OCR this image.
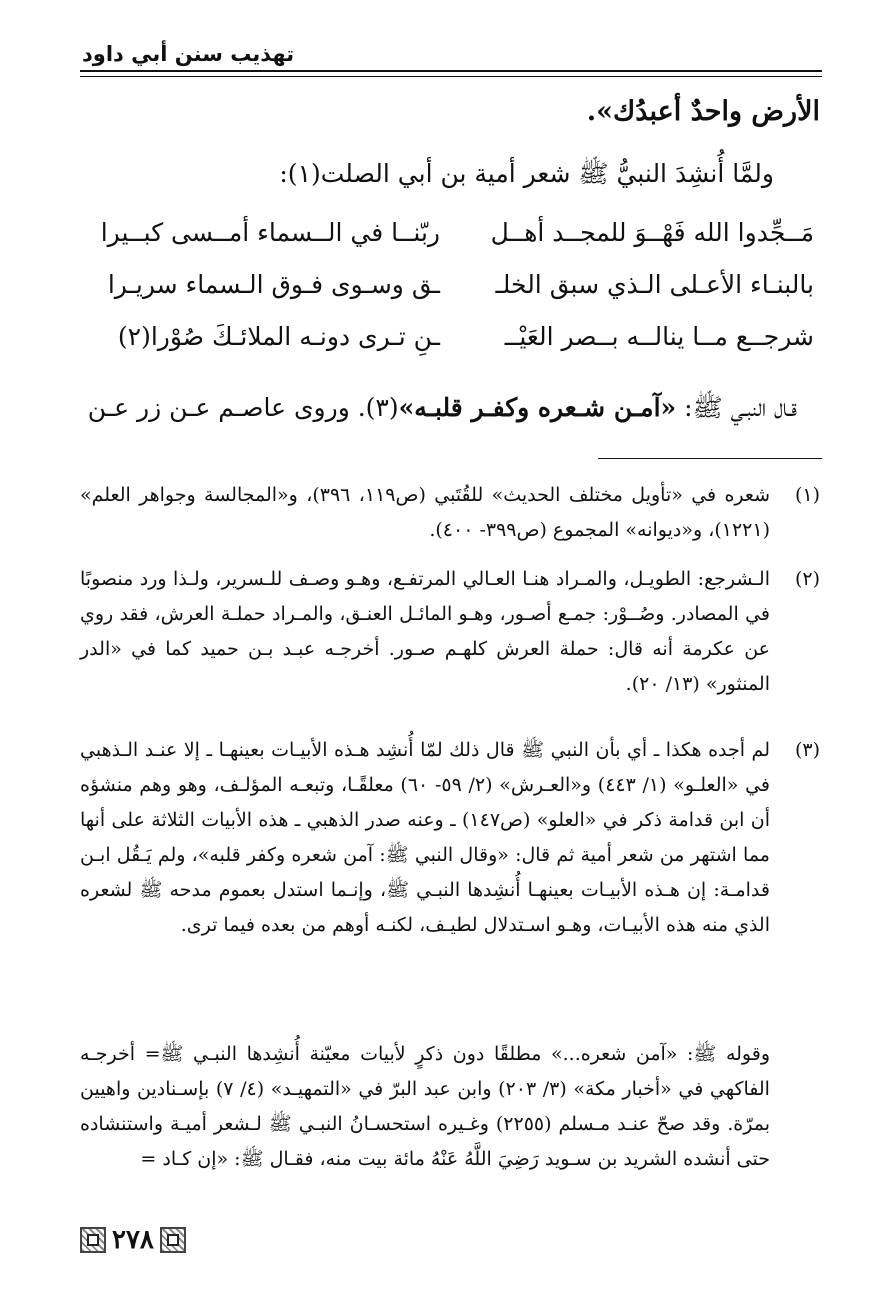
تهذيب سنن أبي داود
الأرض واحدٌ أعبدُك».
ولمَّا أُنشِدَ النبيُّ ﷺ شعر أمية بن أبي الصلت(١):
مَــجِّدوا الله فَهْــوَ للمجــد أهــل
ربّنــا في الــسماء أمــسى كبــيرا
بالبنـاء الأعـلى الـذي سبق الخلـ
ـق وسـوى فـوق الـسماء سريـرا
شرجــع مــا ينالــه بــصر العَيْــ
ـنِ تـرى دونـه الملائـكَ صُوْرا(٢)
قـال النبـي ﷺ: «آمـن شـعره وكفـر قلبـه»(٣). وروى عاصـم عـن زر عـن
(١)
شعره في «تأويل مختلف الحديث» للقُتَبي (ص١١٩، ٣٩٦)، و«المجالسة وجواهر العلم» (١٢٢١)، و«ديوانه» المجموع (ص٣٩٩- ٤٠٠).
(٢)
الـشرجع: الطويـل، والمـراد هنـا العـالي المرتفـع، وهـو وصـف للـسرير، ولـذا ورد منصوبًا في المصادر. وصُــوْر: جمـع أصـور، وهـو المائـل العنـق، والمـراد حملـة العرش، فقد روي عن عكرمة أنه قال: حملة العرش كلهـم صـور. أخرجـه عبـد بـن حميد كما في «الدر المنثور» (١٣/ ٢٠).
(٣)
لم أجده هكذا ـ أي بأن النبي ﷺ قال ذلك لمّا أُنشِد هـذه الأبيـات بعينهـا ـ إلا عنـد الـذهبي في «العلـو» (١/ ٤٤٣) و«العـرش» (٢/ ٥٩- ٦٠) معلقًـا، وتبعـه المؤلـف، وهو وهم منشؤه أن ابن قدامة ذكر في «العلو» (ص١٤٧) ـ وعنه صدر الذهبي ـ هذه الأبيات الثلاثة على أنها مما اشتهر من شعر أمية ثم قال: «وقال النبي ﷺ: آمن شعره وكفر قلبه»، ولم يَـقُل ابـن قدامـة: إن هـذه الأبيـات بعينهـا أُنشِدها النبـي ﷺ، وإنـما استدل بعموم مدحه ﷺ لشعره الذي منه هذه الأبيـات، وهـو اسـتدلال لطيـف، لكنـه أوهم من بعده فيما ترى.
وقوله ﷺ: «آمن شعره...» مطلقًا دون ذكرٍ لأبيات معيّنة أُنشِدها النبـي ﷺ= أخرجـه الفاكهي في «أخبار مكة» (٣/ ٢٠٣) وابن عبد البرّ في «التمهيـد» (٤/ ٧) بإسـنادين واهيين بمرّة. وقد صحّ عنـد مـسلم (٢٢٥٥) وغـيره استحسـانُ النبـي ﷺ لـشعر أميـة واستنشاده حتى أنشده الشريد بن سـويد رَضِيَ اللَّهُ عَنْهُ مائة بيت منه، فقـال ﷺ: «إن كـاد =
٢٧٨
